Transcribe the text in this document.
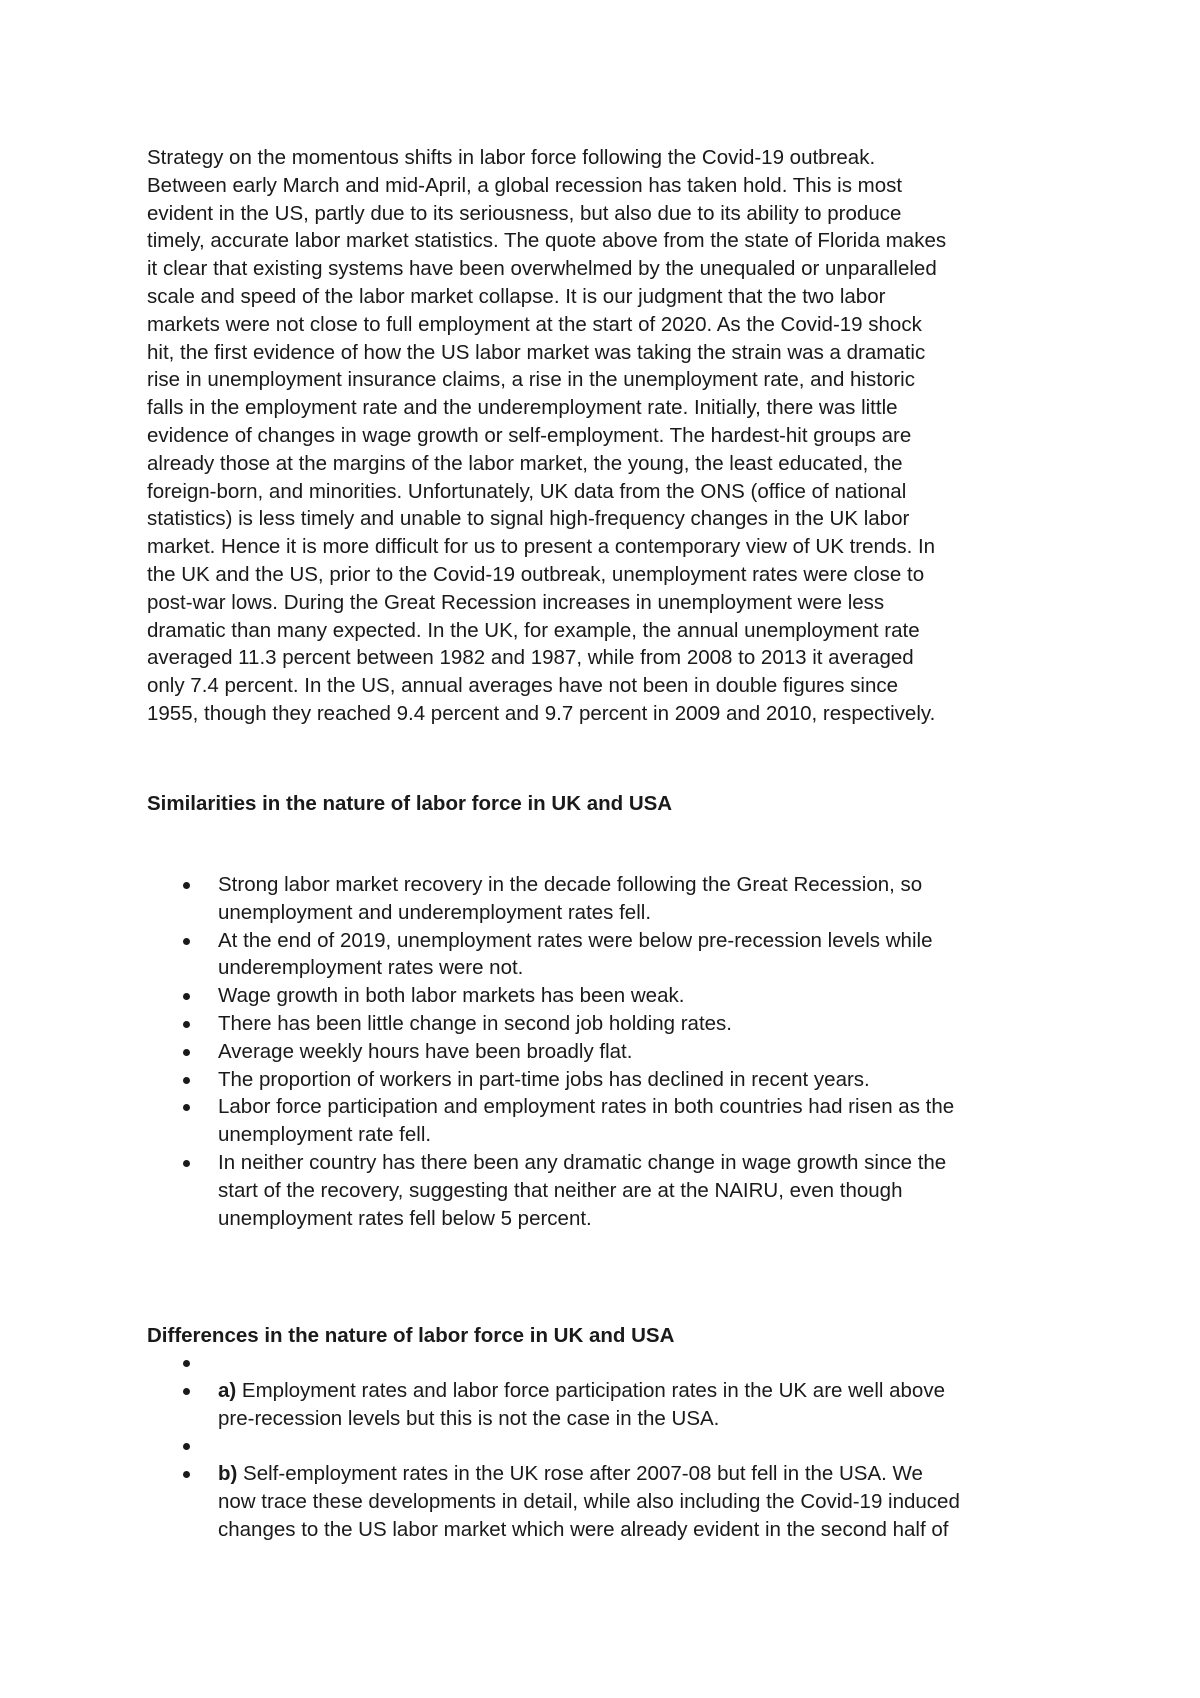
Strategy on the momentous shifts in labor force following the Covid-19 outbreak.
Between early March and mid-April, a global recession has taken hold. This is most
evident in the US, partly due to its seriousness, but also due to its ability to produce
timely, accurate labor market statistics. The quote above from the state of Florida makes
it clear that existing systems have been overwhelmed by the unequaled or unparalleled
scale and speed of the labor market collapse. It is our judgment that the two labor
markets were not close to full employment at the start of 2020. As the Covid-19 shock
hit, the first evidence of how the US labor market was taking the strain was a dramatic
rise in unemployment insurance claims, a rise in the unemployment rate, and historic
falls in the employment rate and the underemployment rate. Initially, there was little
evidence of changes in wage growth or self-employment. The hardest-hit groups are
already those at the margins of the labor market, the young, the least educated, the
foreign-born, and minorities. Unfortunately, UK data from the ONS (office of national
statistics) is less timely and unable to signal high-frequency changes in the UK labor
market. Hence it is more difficult for us to present a contemporary view of UK trends. In
the UK and the US, prior to the Covid-19 outbreak, unemployment rates were close to
post-war lows. During the Great Recession increases in unemployment were less
dramatic than many expected. In the UK, for example, the annual unemployment rate
averaged 11.3 percent between 1982 and 1987, while from 2008 to 2013 it averaged
only 7.4 percent. In the US, annual averages have not been in double figures since
1955, though they reached 9.4 percent and 9.7 percent in 2009 and 2010, respectively.

Similarities in the nature of labor force in UK and USA
Strong labor market recovery in the decade following the Great Recession, so
unemployment and underemployment rates fell.
At the end of 2019, unemployment rates were below pre-recession levels while
underemployment rates were not.
Wage growth in both labor markets has been weak.
There has been little change in second job holding rates.
Average weekly hours have been broadly flat.
The proportion of workers in part-time jobs has declined in recent years.
Labor force participation and employment rates in both countries had risen as the
unemployment rate fell.
In neither country has there been any dramatic change in wage growth since the
start of the recovery, suggesting that neither are at the NAIRU, even though
unemployment rates fell below 5 percent.
Differences in the nature of labor force in UK and USA
a) Employment rates and labor force participation rates in the UK are well above
pre-recession levels but this is not the case in the USA.
b) Self-employment rates in the UK rose after 2007-08 but fell in the USA. We
now trace these developments in detail, while also including the Covid-19 induced
changes to the US labor market which were already evident in the second half of
